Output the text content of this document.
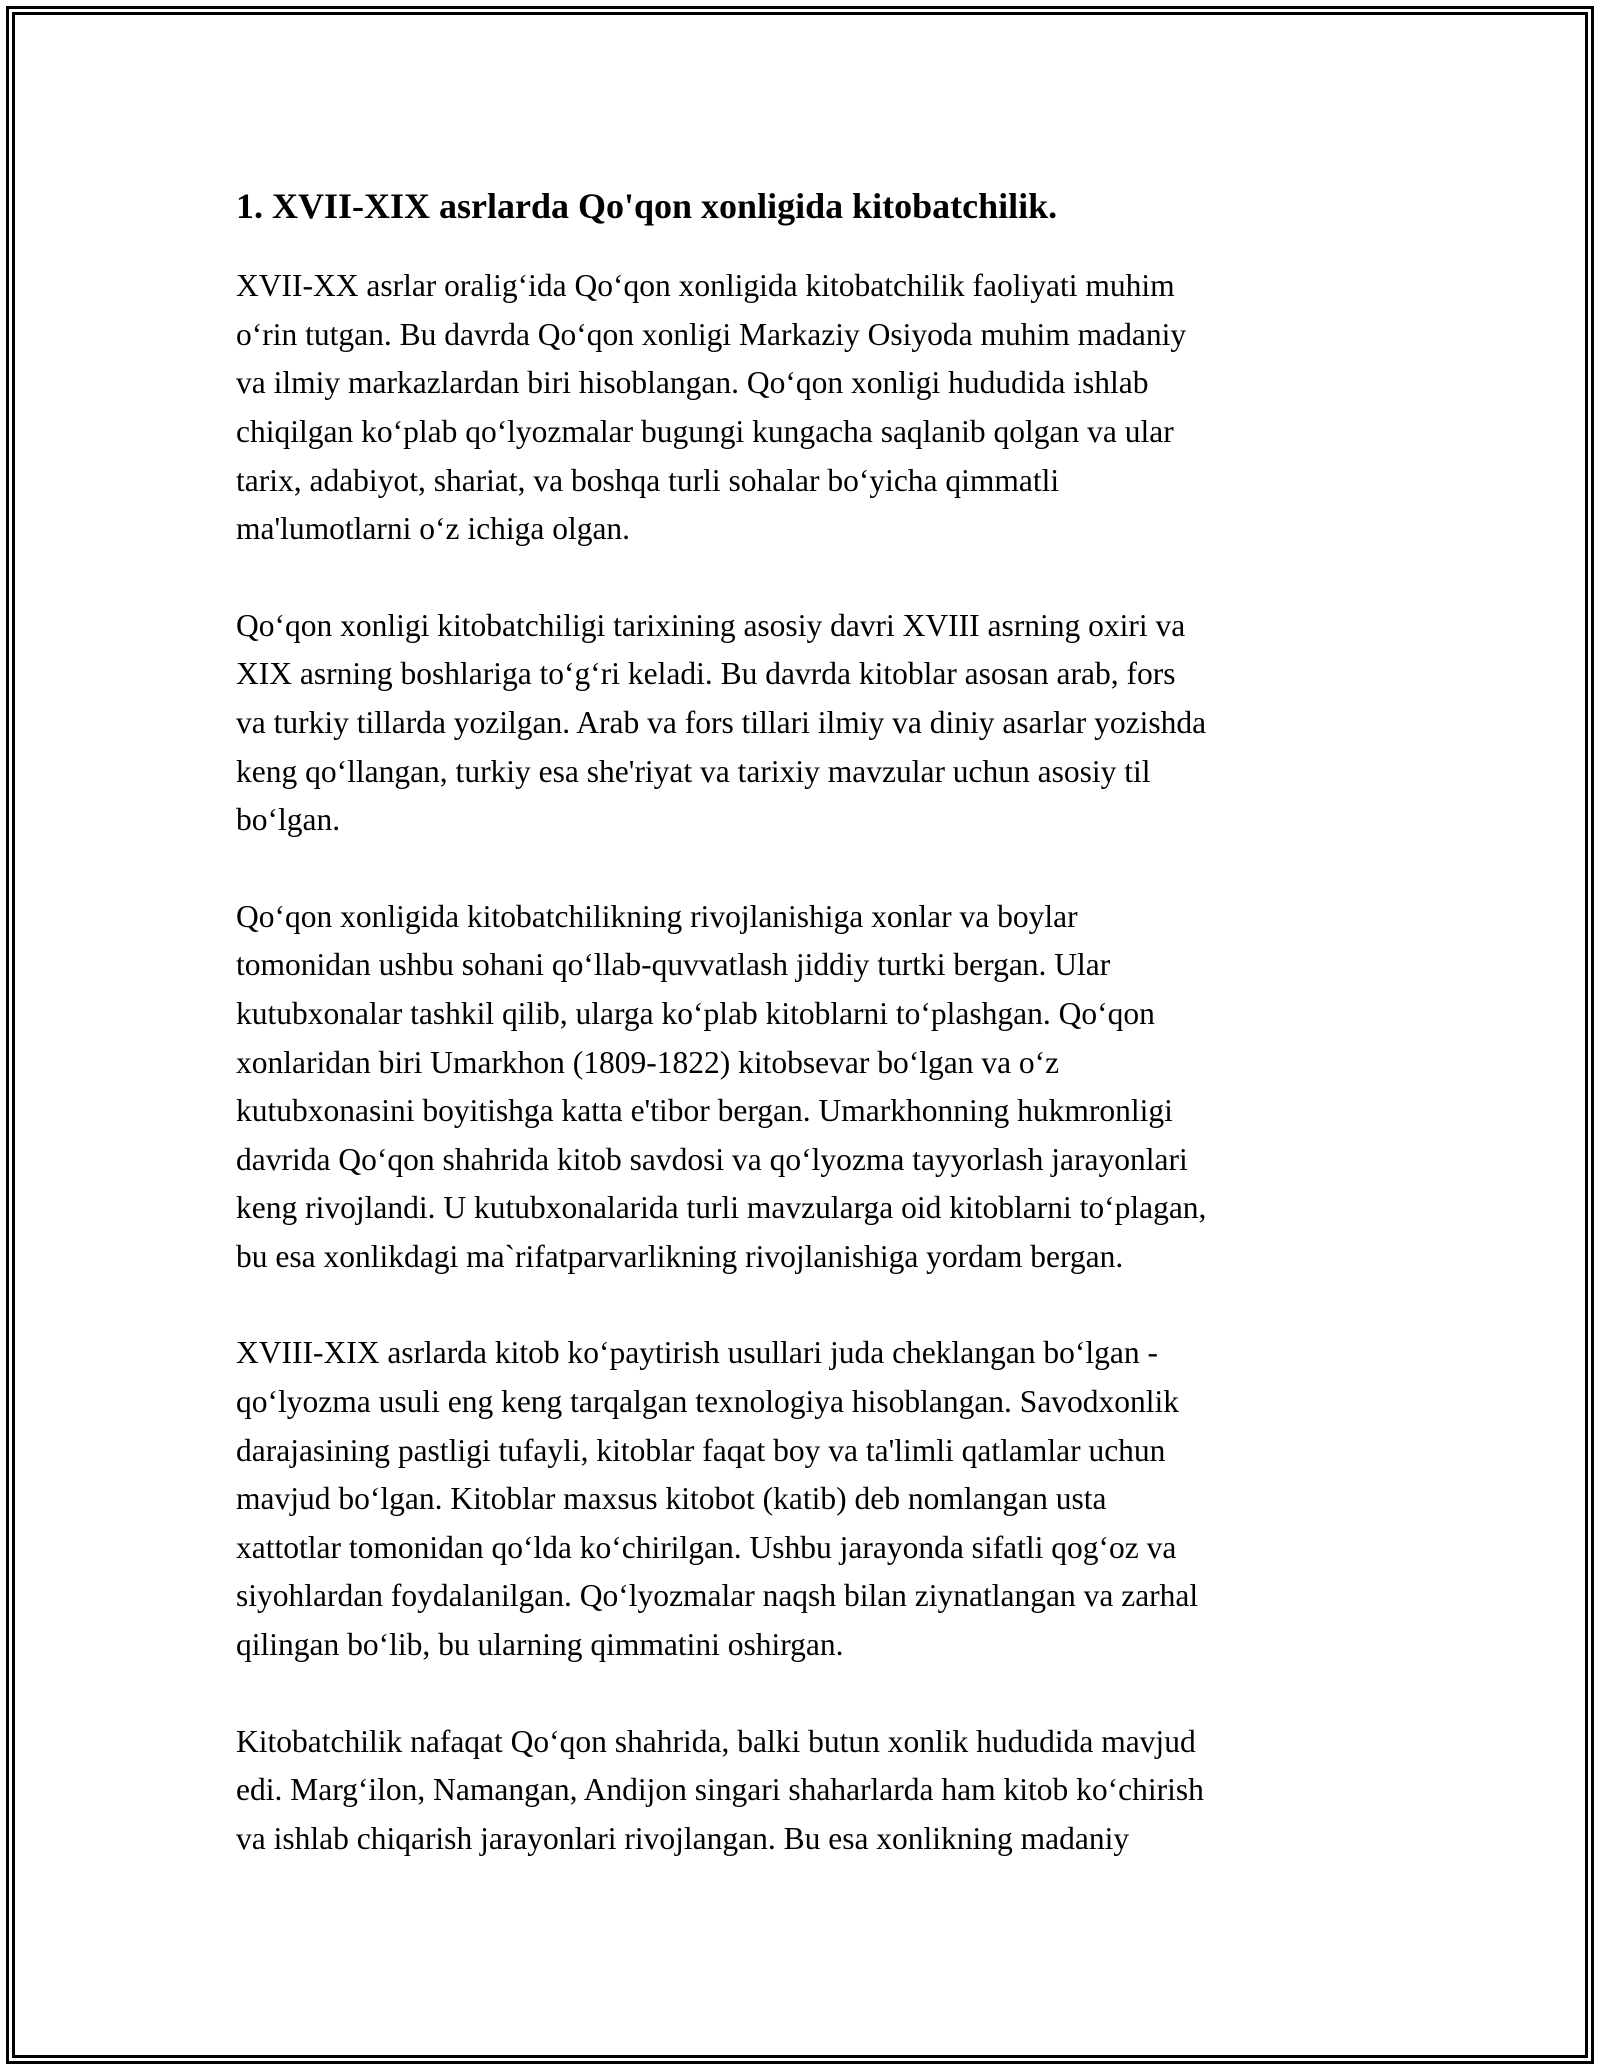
1. XVII-XIX asrlarda Qo'qon xonligida kitobatchilik.

XVII-XX asrlar oralig‘ida Qo‘qon xonligida kitobatchilik faoliyati muhim
o‘rin tutgan. Bu davrda Qo‘qon xonligi Markaziy Osiyoda muhim madaniy
va ilmiy markazlardan biri hisoblangan. Qo‘qon xonligi hududida ishlab
chiqilgan ko‘plab qo‘lyozmalar bugungi kungacha saqlanib qolgan va ular
tarix, adabiyot, shariat, va boshqa turli sohalar bo‘yicha qimmatli
ma'lumotlarni o‘z ichiga olgan.

Qo‘qon xonligi kitobatchiligi tarixining asosiy davri XVIII asrning oxiri va
XIX asrning boshlariga to‘g‘ri keladi. Bu davrda kitoblar asosan arab, fors
va turkiy tillarda yozilgan. Arab va fors tillari ilmiy va diniy asarlar yozishda
keng qo‘llangan, turkiy esa she'riyat va tarixiy mavzular uchun asosiy til
bo‘lgan.

Qo‘qon xonligida kitobatchilikning rivojlanishiga xonlar va boylar
tomonidan ushbu sohani qo‘llab-quvvatlash jiddiy turtki bergan. Ular
kutubxonalar tashkil qilib, ularga ko‘plab kitoblarni to‘plashgan. Qo‘qon
xonlaridan biri Umarkhon (1809-1822) kitobsevar bo‘lgan va o‘z
kutubxonasini boyitishga katta e'tibor bergan. Umarkhonning hukmronligi
davrida Qo‘qon shahrida kitob savdosi va qo‘lyozma tayyorlash jarayonlari
keng rivojlandi. U kutubxonalarida turli mavzularga oid kitoblarni to‘plagan,
bu esa xonlikdagi ma`rifatparvarlikning rivojlanishiga yordam bergan.

XVIII-XIX asrlarda kitob ko‘paytirish usullari juda cheklangan bo‘lgan -
qo‘lyozma usuli eng keng tarqalgan texnologiya hisoblangan. Savodxonlik
darajasining pastligi tufayli, kitoblar faqat boy va ta'limli qatlamlar uchun
mavjud bo‘lgan. Kitoblar maxsus kitobot (katib) deb nomlangan usta
xattotlar tomonidan qo‘lda ko‘chirilgan. Ushbu jarayonda sifatli qog‘oz va
siyohlardan foydalanilgan. Qo‘lyozmalar naqsh bilan ziynatlangan va zarhal
qilingan bo‘lib, bu ularning qimmatini oshirgan.

Kitobatchilik nafaqat Qo‘qon shahrida, balki butun xonlik hududida mavjud
edi. Marg‘ilon, Namangan, Andijon singari shaharlarda ham kitob ko‘chirish
va ishlab chiqarish jarayonlari rivojlangan. Bu esa xonlikning madaniy
